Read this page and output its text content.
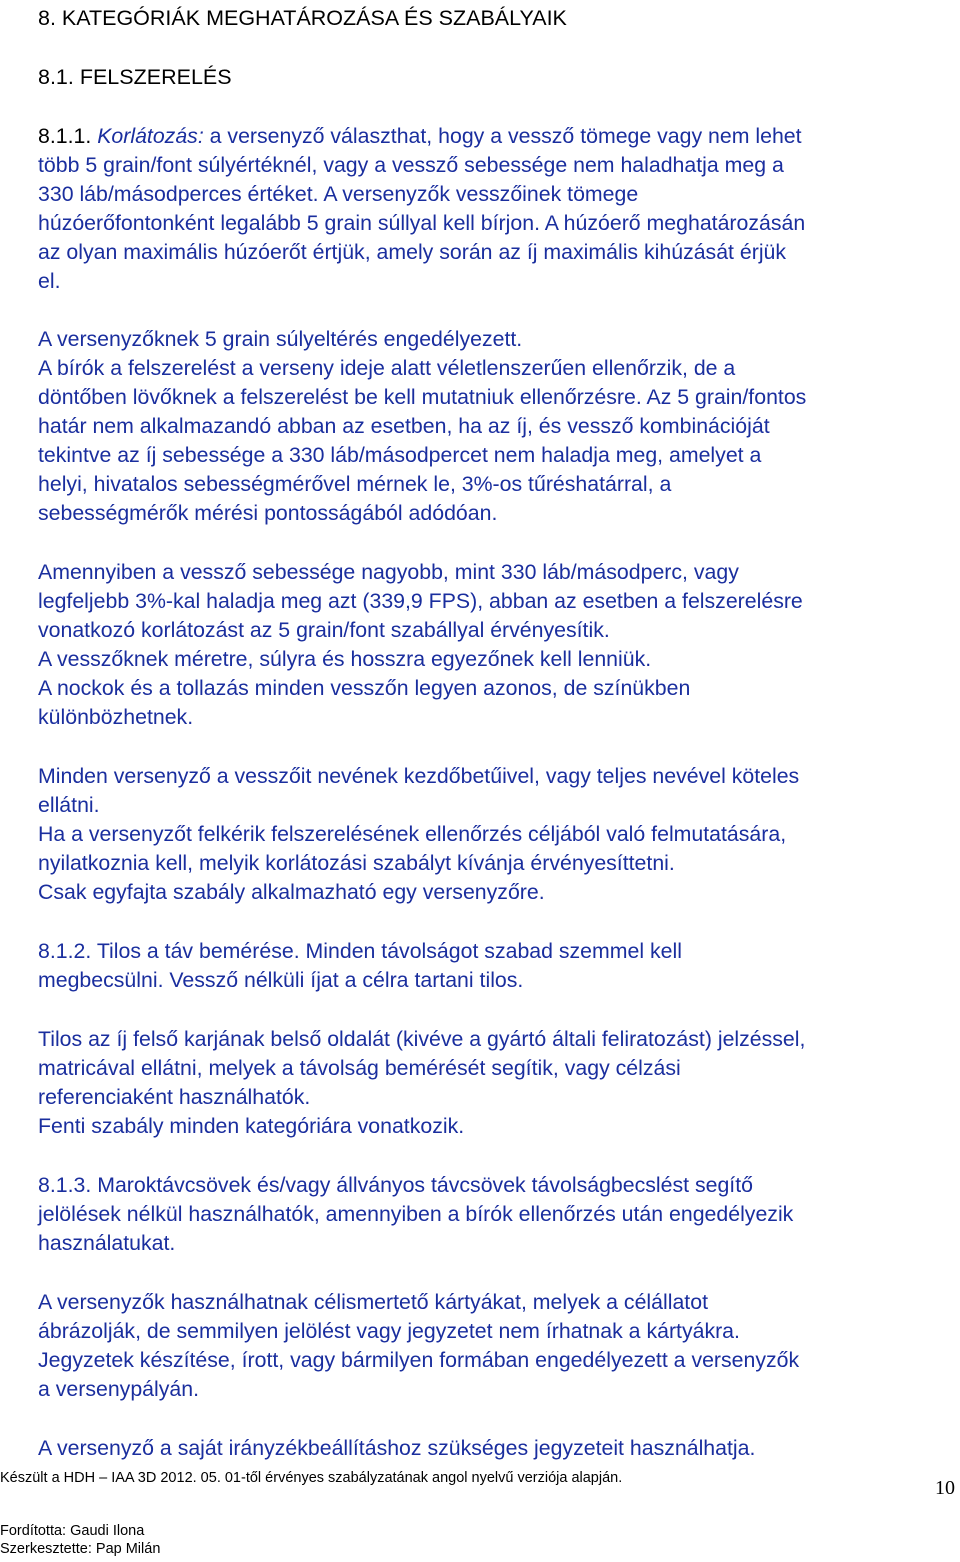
8. KATEGÓRIÁK MEGHATÁROZÁSA ÉS SZABÁLYAIK
8.1. FELSZERELÉS
8.1.1. Korlátozás: a versenyző választhat, hogy a vessző tömege vagy nem lehet
több 5 grain/font súlyértéknél, vagy a vessző sebessége nem haladhatja meg a
330 láb/másodperces értéket. A versenyzők vesszőinek tömege
húzóerőfontonként legalább 5 grain súllyal kell bírjon. A húzóerő meghatározásán
az olyan maximális húzóerőt értjük, amely során az íj maximális kihúzását érjük
el.
A versenyzőknek 5 grain súlyeltérés engedélyezett.
A bírók a felszerelést a verseny ideje alatt véletlenszerűen ellenőrzik, de a
döntőben lövőknek a felszerelést be kell mutatniuk ellenőrzésre. Az 5 grain/fontos
határ nem alkalmazandó abban az esetben, ha az íj, és vessző kombinációját
tekintve az íj sebessége a 330 láb/másodpercet nem haladja meg, amelyet a
helyi, hivatalos sebességmérővel mérnek le, 3%-os tűréshatárral, a
sebességmérők mérési pontosságából adódóan.
Amennyiben a vessző sebessége nagyobb, mint 330 láb/másodperc, vagy
legfeljebb 3%-kal haladja meg azt (339,9 FPS), abban az esetben a felszerelésre
vonatkozó korlátozást az 5 grain/font szabállyal érvényesítik.
A vesszőknek méretre, súlyra és hosszra egyezőnek kell lenniük.
A nockok és a tollazás minden vesszőn legyen azonos, de színükben
különbözhetnek.
Minden versenyző a vesszőit nevének kezdőbetűivel, vagy teljes nevével köteles
ellátni.
Ha a versenyzőt felkérik felszerelésének ellenőrzés céljából való felmutatására,
nyilatkoznia kell, melyik korlátozási szabályt kívánja érvényesíttetni.
Csak egyfajta szabály alkalmazható egy versenyzőre.
8.1.2. Tilos a táv bemérése. Minden távolságot szabad szemmel kell
megbecsülni. Vessző nélküli íjat a célra tartani tilos.
Tilos az íj felső karjának belső oldalát (kivéve a gyártó általi feliratozást) jelzéssel,
matricával ellátni, melyek a távolság bemérését segítik, vagy célzási
referenciaként használhatók.
Fenti szabály minden kategóriára vonatkozik.
8.1.3. Maroktávcsövek és/vagy állványos távcsövek távolságbecslést segítő
jelölések nélkül használhatók, amennyiben a bírók ellenőrzés után engedélyezik
használatukat.
A versenyzők használhatnak célismertető kártyákat, melyek a célállatot
ábrázolják, de semmilyen jelölést vagy jegyzetet nem írhatnak a kártyákra.
Jegyzetek készítése, írott, vagy bármilyen formában engedélyezett a versenyzők
a versenypályán.
A versenyző a saját irányzékbeállításhoz szükséges jegyzeteit használhatja.
Készült a HDH – IAA 3D 2012. 05. 01-től érvényes szabályzatának angol nyelvű verziója alapján.
Fordította: Gaudi Ilona
Szerkesztette: Pap Milán
10
